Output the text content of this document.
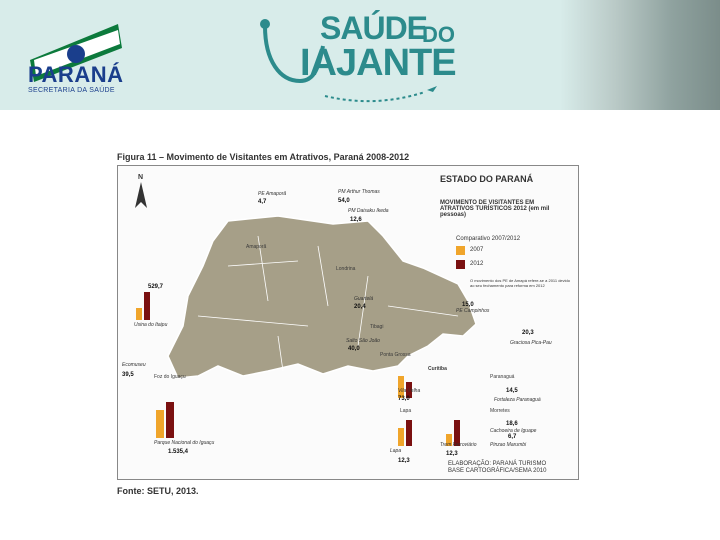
PARANÁ
SECRETARIA DA SAÚDE
SAÚDE
DO
IAJANTE
Figura 11 – Movimento de Visitantes em Atrativos, Paraná 2008-2012
N	ESTADO DO PARANÁ
MOVIMENTO DE VISITANTES EM ATRATIVOS TURÍSTICOS 2012 (em mil pessoas)
Comparativo 2007/2012
2007
2012
O movimento dos PE de Amapá refere-se a 2011 devido ao seu fechamento para reforma em 2012
PE Amaporã
4,7
PM Arthur Thomas
54,0
PM Daisaku Ikeda
12,6
529,7
Usina do Itaipu
Ecomuseu
39,5
Parque Nacional do Iguaçu
1.535,4
Guartelá
20,4
Salto São João
40,0
PE Campinhos
15,0
Vila Velha
73,0
Lapa
12,3
Trem Ferroviário
12,3
20,3
Graciosa Pica-Pau
14,5
Fortaleza Paranaguá
18,6
Cachoeira de Iguape
6,7
Pinzao Marumbi
Amaporã
Londrina
Foz do Iguaçu
Tibagi
Ponta Grossa
Curitiba
Morretes
Paranaguá
Lapa
ELABORAÇÃO: PARANÁ TURISMO
BASE CARTOGRÁFICA/SEMA 2010
Fonte: SETU, 2013.
